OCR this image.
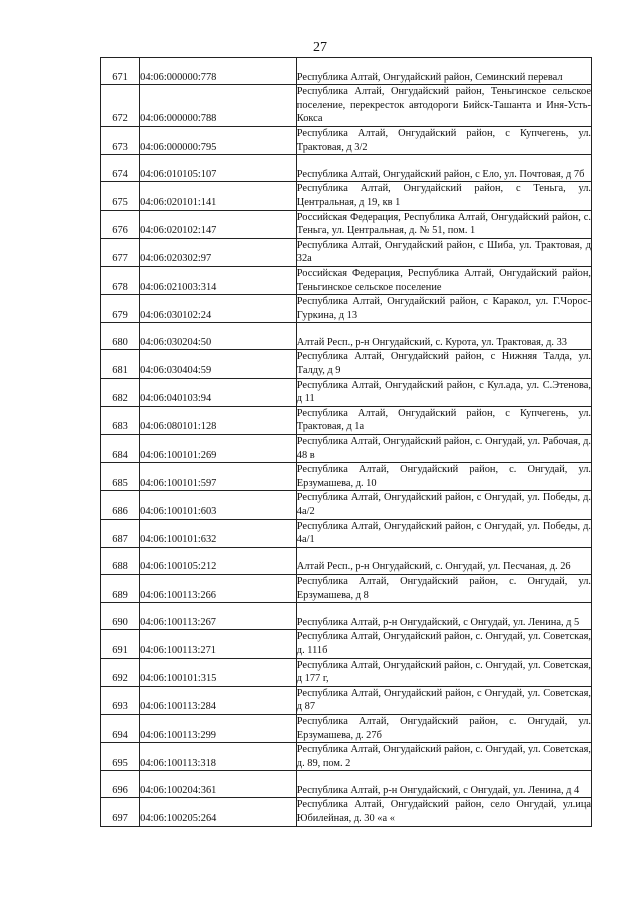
27
671	04:06:000000:778	Республика Алтай, Онгудайский район, Семинский перевал
672	04:06:000000:788	Республика Алтай, Онгудайский район, Теньгинское сельское поселение, перекресток автодороги Бийск-Ташанта и Иня-Усть-Кокса
673	04:06:000000:795	Республика Алтай, Онгудайский район, с Купчегень, ул. Трактовая, д 3/2
674	04:06:010105:107	Республика Алтай, Онгудайский район, с Ело, ул. Почтовая, д 7б
675	04:06:020101:141	Республика Алтай, Онгудайский район, с Теньга, ул. Центральная, д 19, кв 1
676	04:06:020102:147	Российская Федерация, Республика Алтай, Онгудайский район, с. Теньга, ул. Центральная, д. № 51, пом. 1
677	04:06:020302:97	Республика Алтай, Онгудайский район, с Шиба, ул. Трактовая, д 32а
678	04:06:021003:314	Российская Федерация, Республика Алтай, Онгудайский район, Теньгинское сельское поселение
679	04:06:030102:24	Республика Алтай, Онгудайский район, с Каракол, ул. Г.Чорос-Гуркина, д 13
680	04:06:030204:50	Алтай Респ., р-н Онгудайский, с. Курота, ул. Трактовая, д. 33
681	04:06:030404:59	Республика Алтай, Онгудайский район, с Нижняя Талда, ул. Талду, д 9
682	04:06:040103:94	Республика Алтай, Онгудайский район, с Кул.ада, ул. С.Этенова, д 11
683	04:06:080101:128	Республика Алтай, Онгудайский район, с Купчегень, ул. Трактовая, д 1а
684	04:06:100101:269	Республика Алтай, Онгудайский район, с. Онгудай, ул. Рабочая, д. 48 в
685	04:06:100101:597	Республика Алтай, Онгудайский район, с. Онгудай, ул. Ерзумашева, д. 10
686	04:06:100101:603	Республика Алтай, Онгудайский район, с Онгудай, ул. Победы, д. 4а/2
687	04:06:100101:632	Республика Алтай, Онгудайский район, с Онгудай, ул. Победы, д. 4а/1
688	04:06:100105:212	Алтай Респ., р-н Онгудайский, с. Онгудай, ул. Песчаная, д. 26
689	04:06:100113:266	Республика Алтай, Онгудайский район, с. Онгудай, ул. Ерзумашева, д 8
690	04:06:100113:267	Республика Алтай, р-н Онгудайский, с Онгудай, ул. Ленина, д 5
691	04:06:100113:271	Республика Алтай, Онгудайский район, с. Онгудай, ул. Советская, д. 111б
692	04:06:100101:315	Республика Алтай, Онгудайский район, с. Онгудай, ул. Советская, д 177 г,
693	04:06:100113:284	Республика Алтай, Онгудайский район, с Онгудай, ул. Советская, д 87
694	04:06:100113:299	Республика Алтай, Онгудайский район, с. Онгудай, ул. Ерзумашева, д. 27б
695	04:06:100113:318	Республика Алтай, Онгудайский район, с. Онгудай, ул. Советская, д. 89, пом. 2
696	04:06:100204:361	Республика Алтай, р-н Онгудайский, с Онгудай, ул. Ленина, д 4
697	04:06:100205:264	Республика Алтай, Онгудайский район, село Онгудай, ул.ица Юбилейная, д. 30 «а «
